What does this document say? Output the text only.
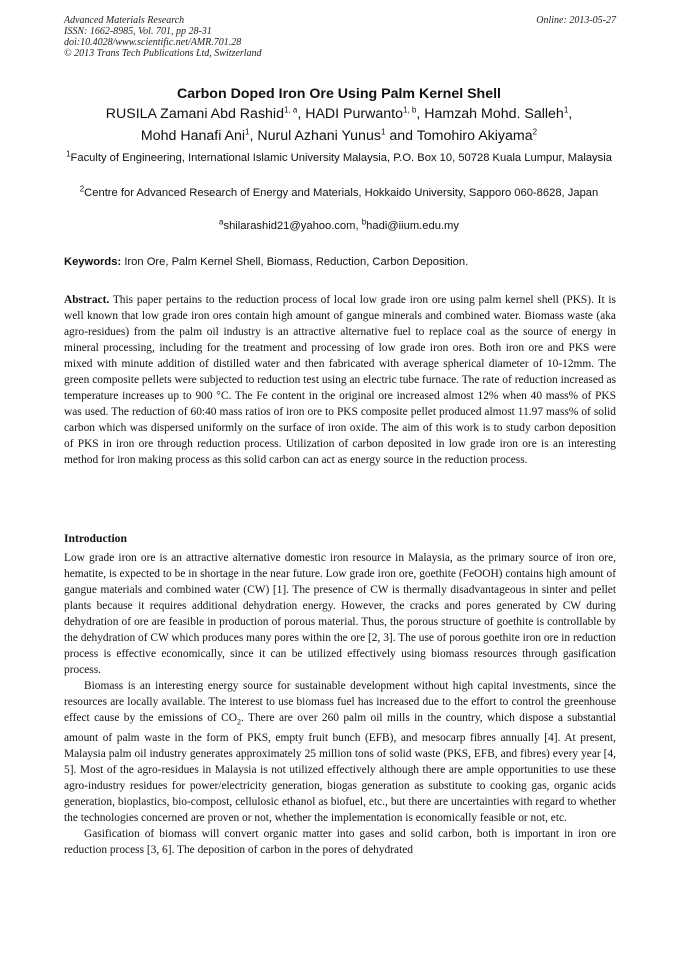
Advanced Materials Research
ISSN: 1662-8985, Vol. 701, pp 28-31
doi:10.4028/www.scientific.net/AMR.701.28
© 2013 Trans Tech Publications Ltd, Switzerland
Online: 2013-05-27
Carbon Doped Iron Ore Using Palm Kernel Shell
RUSILA Zamani Abd Rashid$^{1, a}$, HADI Purwanto$^{1, b}$, Hamzah Mohd. Salleh$^1$,
Mohd Hanafi Ani$^1$, Nurul Azhani Yunus$^1$ and Tomohiro Akiyama$^2$
$^1$Faculty of Engineering, International Islamic University Malaysia, P.O. Box 10, 50728 Kuala Lumpur, Malaysia
$^2$Centre for Advanced Research of Energy and Materials, Hokkaido University, Sapporo 060-8628, Japan
$^a$shilarashid21@yahoo.com, $^b$hadi@iium.edu.my
Keywords: Iron Ore, Palm Kernel Shell, Biomass, Reduction, Carbon Deposition.

Abstract. This paper pertains to the reduction process of local low grade iron ore using palm kernel shell (PKS). It is well known that low grade iron ores contain high amount of gangue minerals and combined water. Biomass waste (aka agro-residues) from the palm oil industry is an attractive alternative fuel to replace coal as the source of energy in mineral processing, including for the treatment and processing of low grade iron ores. Both iron ore and PKS were mixed with minute addition of distilled water and then fabricated with average spherical diameter of 10-12mm. The green composite pellets were subjected to reduction test using an electric tube furnace. The rate of reduction increased as temperature increases up to 900 °C. The Fe content in the original ore increased almost 12% when 40 mass% of PKS was used. The reduction of 60:40 mass ratios of iron ore to PKS composite pellet produced almost 11.97 mass% of solid carbon which was dispersed uniformly on the surface of iron oxide. The aim of this work is to study carbon deposition of PKS in iron ore through reduction process. Utilization of carbon deposited in low grade iron ore is an interesting method for iron making process as this solid carbon can act as energy source in the reduction process.

Introduction

Low grade iron ore is an attractive alternative domestic iron resource in Malaysia, as the primary source of iron ore, hematite, is expected to be in shortage in the near future. Low grade iron ore, goethite (FeOOH) contains high amount of gangue materials and combined water (CW) [1]. The presence of CW is thermally disadvantageous in sinter and pellet plants because it requires additional dehydration energy. However, the cracks and pores generated by CW during dehydration of ore are feasible in production of porous material. Thus, the porous structure of goethite is controllable by the dehydration of CW which produces many pores within the ore [2, 3]. The use of porous goethite iron ore in reduction process is effective economically, since it can be utilized effectively using biomass resources through gasification process.

Biomass is an interesting energy source for sustainable development without high capital investments, since the resources are locally available. The interest to use biomass fuel has increased due to the effort to control the greenhouse effect cause by the emissions of $CO_2$. There are over 260 palm oil mills in the country, which dispose a substantial amount of palm waste in the form of PKS, empty fruit bunch (EFB), and mesocarp fibres annually [4]. At present, Malaysia palm oil industry generates approximately 25 million tons of solid waste (PKS, EFB, and fibres) every year [4, 5]. Most of the agro-residues in Malaysia is not utilized effectively although there are ample opportunities to use these agro-industry residues for power/electricity generation, biogas generation as substitute to cooking gas, organic acids generation, bioplastics, bio-compost, cellulosic ethanol as biofuel, etc., but there are uncertainties with regard to whether the technologies concerned are proven or not, whether the implementation is economically feasible or not, etc.

Gasification of biomass will convert organic matter into gases and solid carbon, both is important in iron ore reduction process [3, 6]. The deposition of carbon in the pores of dehydrated
